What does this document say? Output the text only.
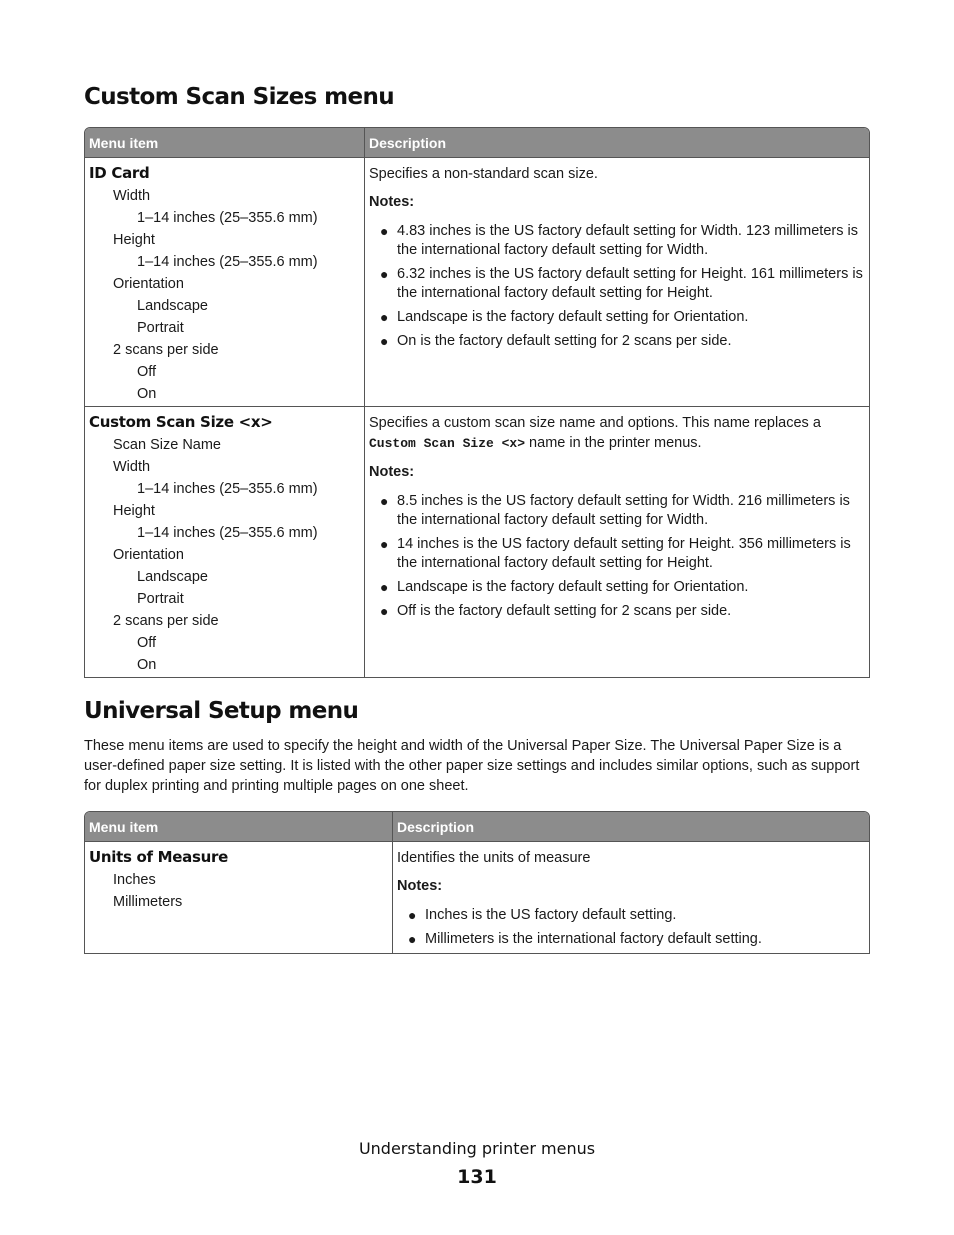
Custom Scan Sizes menu
Menu item	Description
ID Card
Width
1–14 inches (25–355.6 mm)
Height
1–14 inches (25–355.6 mm)
Orientation
Landscape
Portrait
2 scans per side
Off
On

Specifies a non-standard scan size.

Notes:

● 4.83 inches is the US factory default setting for Width. 123 millimeters is the international factory default setting for Width.
● 6.32 inches is the US factory default setting for Height. 161 millimeters is the international factory default setting for Height.
● Landscape is the factory default setting for Orientation.
● On is the factory default setting for 2 scans per side.
Custom Scan Size <x>
Scan Size Name
Width
1–14 inches (25–355.6 mm)
Height
1–14 inches (25–355.6 mm)
Orientation
Landscape
Portrait
2 scans per side
Off
On

Specifies a custom scan size name and options. This name replaces a Custom Scan Size <x> name in the printer menus.

Notes:

● 8.5 inches is the US factory default setting for Width. 216 millimeters is the international factory default setting for Width.
● 14 inches is the US factory default setting for Height. 356 millimeters is the international factory default setting for Height.
● Landscape is the factory default setting for Orientation.
● Off is the factory default setting for 2 scans per side.
Universal Setup menu

These menu items are used to specify the height and width of the Universal Paper Size. The Universal Paper Size is a user-defined paper size setting. It is listed with the other paper size settings and includes similar options, such as support for duplex printing and printing multiple pages on one sheet.

Menu item	Description
Units of Measure
Inches
Millimeters

Identifies the units of measure

Notes:

● Inches is the US factory default setting.
● Millimeters is the international factory default setting.
Understanding printer menus
131
